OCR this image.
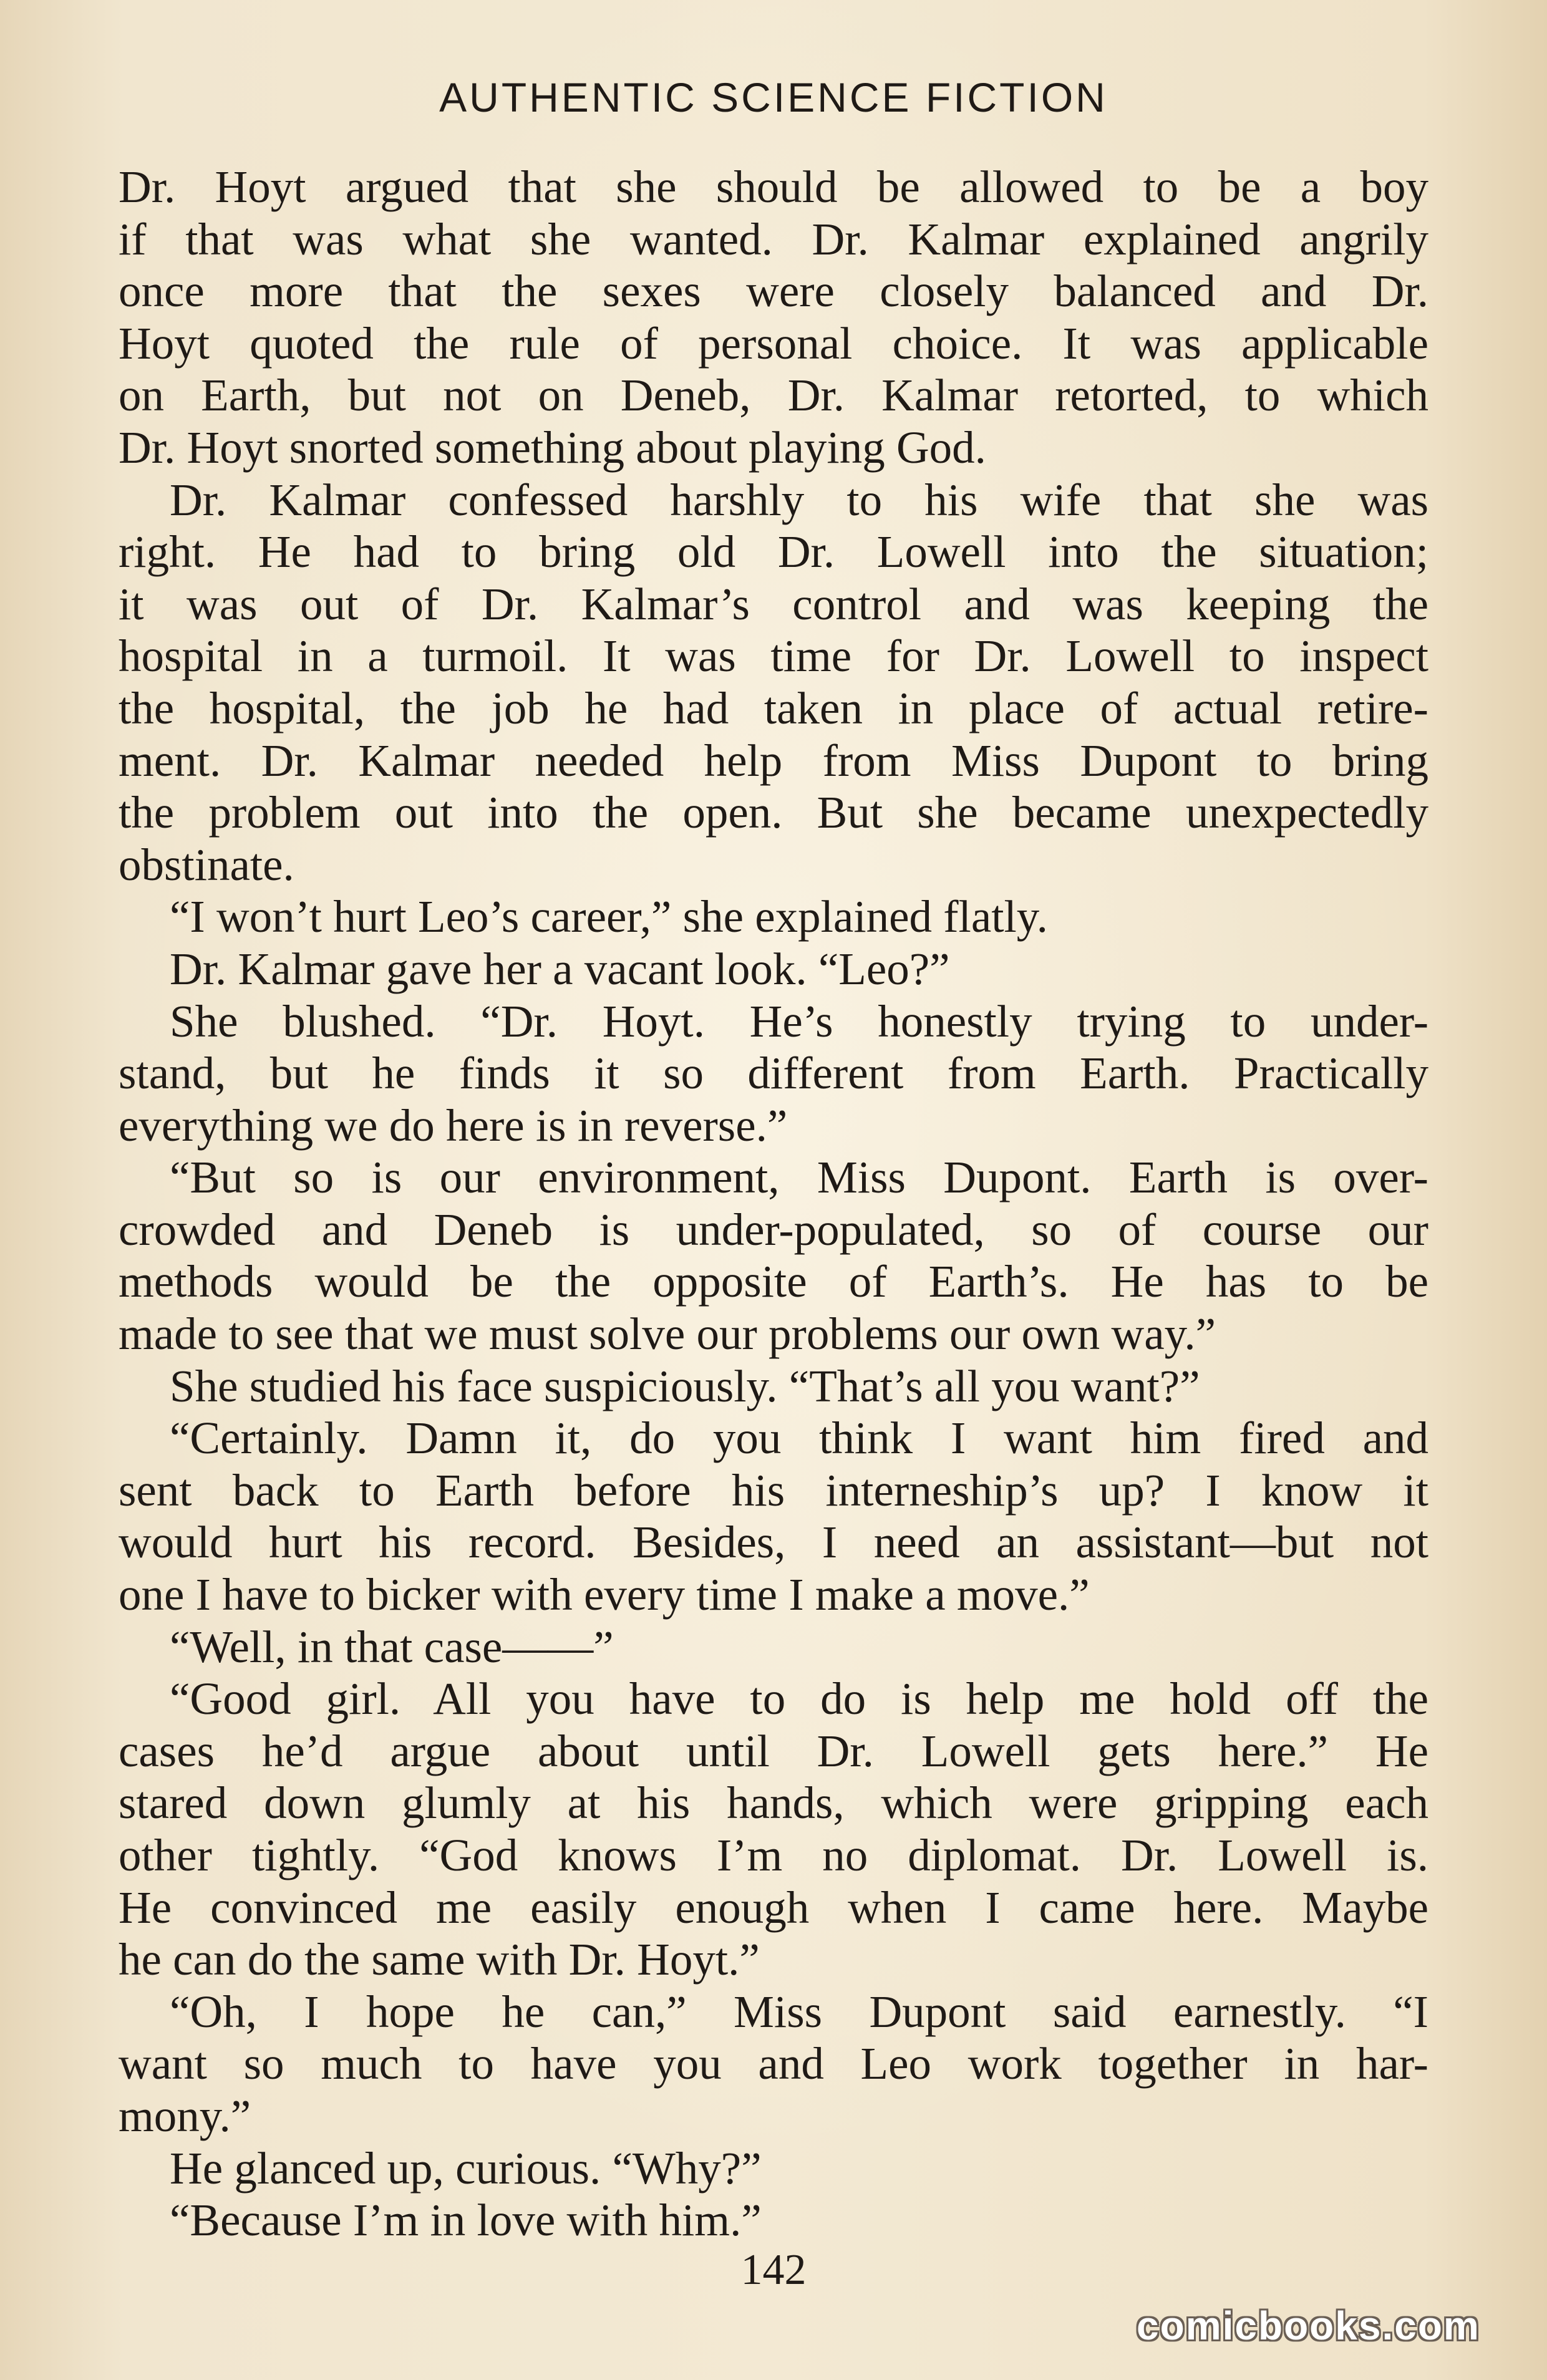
AUTHENTIC SCIENCE FICTION
Dr. Hoyt argued that she should be allowed to be a boy
if that was what she wanted. Dr. Kalmar explained angrily
once more that the sexes were closely balanced and Dr.
Hoyt quoted the rule of personal choice. It was applicable
on Earth, but not on Deneb, Dr. Kalmar retorted, to which
Dr. Hoyt snorted something about playing God.
Dr. Kalmar confessed harshly to his wife that she was
right. He had to bring old Dr. Lowell into the situation;
it was out of Dr. Kalmar’s control and was keeping the
hospital in a turmoil. It was time for Dr. Lowell to inspect
the hospital, the job he had taken in place of actual retire-
ment. Dr. Kalmar needed help from Miss Dupont to bring
the problem out into the open. But she became unexpectedly
obstinate.
“I won’t hurt Leo’s career,” she explained flatly.
Dr. Kalmar gave her a vacant look. “Leo?”
She blushed. “Dr. Hoyt. He’s honestly trying to under-
stand, but he finds it so different from Earth. Practically
everything we do here is in reverse.”
“But so is our environment, Miss Dupont. Earth is over-
crowded and Deneb is under-populated, so of course our
methods would be the opposite of Earth’s. He has to be
made to see that we must solve our problems our own way.”
She studied his face suspiciously. “That’s all you want?”
“Certainly. Damn it, do you think I want him fired and
sent back to Earth before his interneship’s up? I know it
would hurt his record. Besides, I need an assistant—but not
one I have to bicker with every time I make a move.”
“Well, in that case——”
“Good girl. All you have to do is help me hold off the
cases he’d argue about until Dr. Lowell gets here.” He
stared down glumly at his hands, which were gripping each
other tightly. “God knows I’m no diplomat. Dr. Lowell is.
He convinced me easily enough when I came here. Maybe
he can do the same with Dr. Hoyt.”
“Oh, I hope he can,” Miss Dupont said earnestly. “I
want so much to have you and Leo work together in har-
mony.”
He glanced up, curious. “Why?”
“Because I’m in love with him.”
142
comicbooks.com
